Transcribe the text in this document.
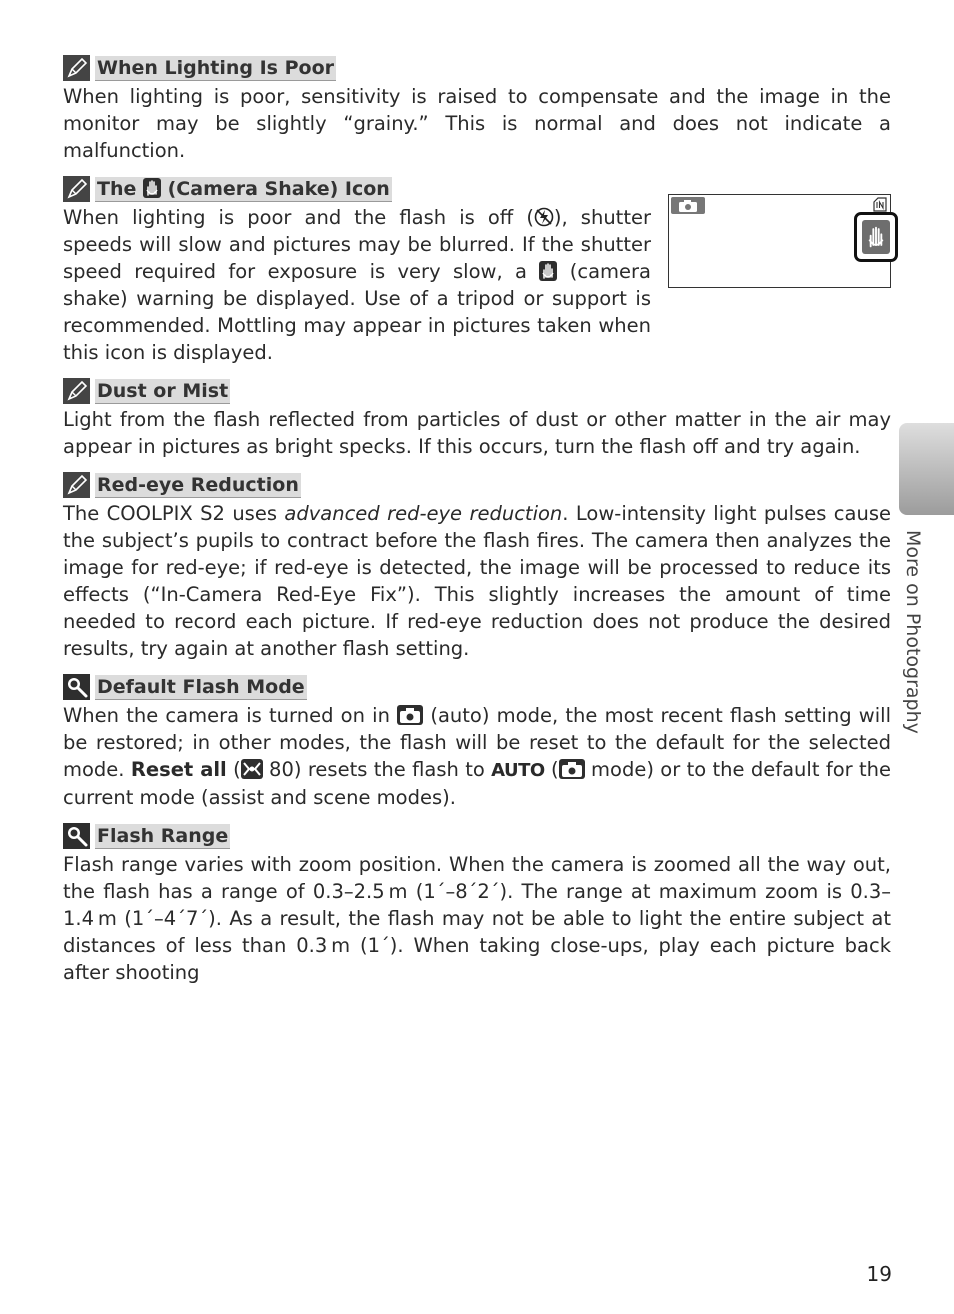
More on Photography
When Lighting Is Poor

When lighting is poor, sensitivity is raised to compensate and the image in the monitor may be slightly “grainy.” This is normal and does not indicate a malfunction.

The  (Camera Shake) Icon

When lighting is poor and the flash is off ( ), shutter speeds will slow and pictures may be blurred. If the shutter speed required for exposure is very slow, a  (camera shake) warning be displayed. Use of a tripod or support is recommended. Mottling may appear in pictures taken when this icon is displayed.

Dust or Mist

Light from the flash reflected from particles of dust or other matter in the air may appear in pictures as bright specks. If this occurs, turn the flash off and try again.

Red-eye Reduction

The COOLPIX S2 uses advanced red-eye reduction. Low-intensity light pulses cause the subject’s pupils to contract before the flash fires. The camera then analyzes the image for red-eye; if red-eye is detected, the image will be processed to reduce its effects (“In-Camera Red-Eye Fix”). This slightly increases the amount of time needed to record each picture. If red-eye reduction does not produce the desired results, try again at another flash setting.

Default Flash Mode

When the camera is turned on in  (auto) mode, the most recent flash setting will be restored; in other modes, the flash will be reset to the default for the selected mode. Reset all ( 80) resets the flash to AUTO ( mode) or to the default for the current mode (assist and scene modes).

Flash Range

Flash range varies with zoom position. When the camera is zoomed all the way out, the flash has a range of 0.3–2.5 m (1´–8´2´). The range at maximum zoom is 0.3–1.4 m (1´–4´7´). As a result, the flash may not be able to light the entire subject at distances of less than 0.3 m (1´). When taking close-ups, play each picture back after shooting

19
